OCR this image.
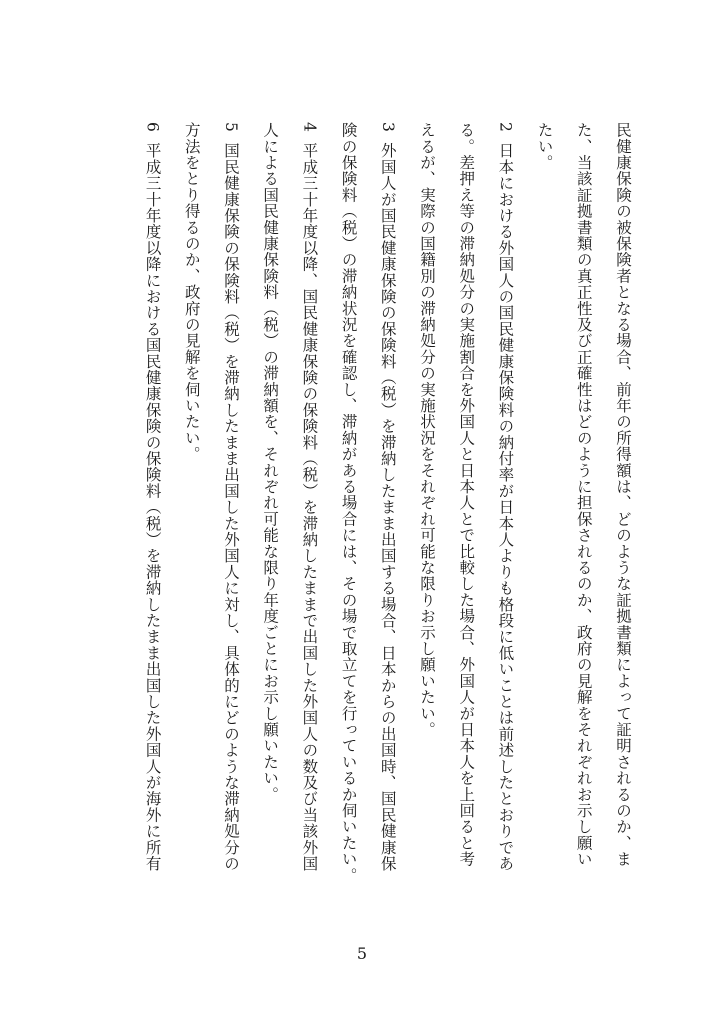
民健康保険の被保険者となる場合、前年の所得額は、どのような証拠書類によって証明されるのか、ま
た、当該証拠書類の真正性及び正確性はどのように担保されるのか、政府の見解をそれぞれお示し願い
たい。
2日本における外国人の国民健康保険料の納付率が日本人よりも格段に低いことは前述したとおりであ
る。差押え等の滞納処分の実施割合を外国人と日本人とで比較した場合、外国人が日本人を上回ると考
えるが、実際の国籍別の滞納処分の実施状況をそれぞれ可能な限りお示し願いたい。
3外国人が国民健康保険の保険料（税）を滞納したまま出国する場合、日本からの出国時、国民健康保
険の保険料（税）の滞納状況を確認し、滞納がある場合には、その場で取立てを行っているか伺いたい。
4平成三十年度以降、国民健康保険の保険料（税）を滞納したままで出国した外国人の数及び当該外国
人による国民健康保険料（税）の滞納額を、それぞれ可能な限り年度ごとにお示し願いたい。
5国民健康保険の保険料（税）を滞納したまま出国した外国人に対し、具体的にどのような滞納処分の
方法をとり得るのか、政府の見解を伺いたい。
6平成三十年度以降における国民健康保険の保険料（税）を滞納したまま出国した外国人が海外に所有
5
